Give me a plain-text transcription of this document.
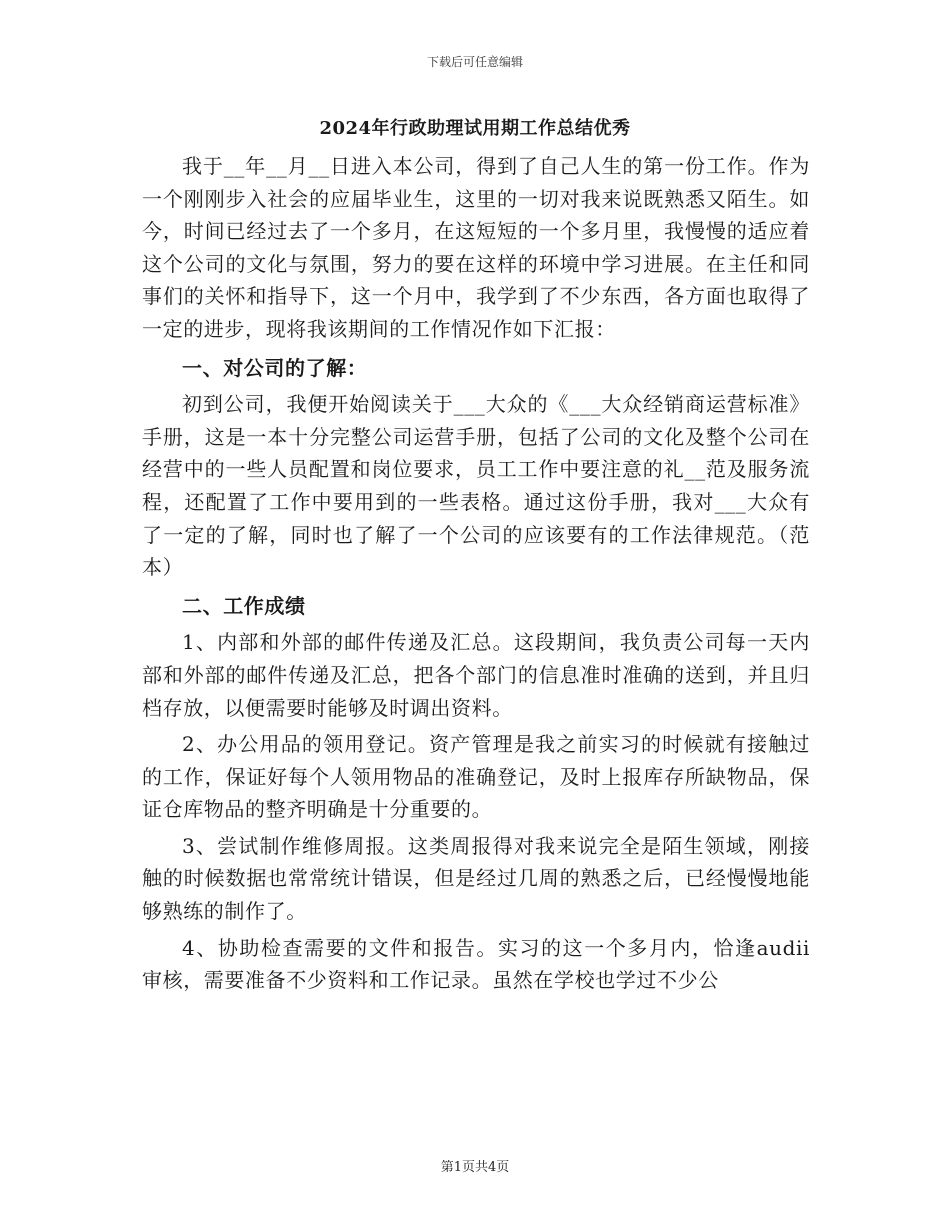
下载后可任意编辑
2024年行政助理试用期工作总结优秀

我于__年__月__日进入本公司，得到了自己人生的第一份工作。作为一个刚刚步入社会的应届毕业生，这里的一切对我来说既熟悉又陌生。如今，时间已经过去了一个多月，在这短短的一个多月里，我慢慢的适应着这个公司的文化与氛围，努力的要在这样的环境中学习进展。在主任和同事们的关怀和指导下，这一个月中，我学到了不少东西，各方面也取得了一定的进步，现将我该期间的工作情况作如下汇报：

一、对公司的了解：

初到公司，我便开始阅读关于___大众的《___大众经销商运营标准》手册，这是一本十分完整公司运营手册，包括了公司的文化及整个公司在经营中的一些人员配置和岗位要求，员工工作中要注意的礼__范及服务流程，还配置了工作中要用到的一些表格。通过这份手册，我对___大众有了一定的了解，同时也了解了一个公司的应该要有的工作法律规范。（范本）

二、工作成绩

1、内部和外部的邮件传递及汇总。这段期间，我负责公司每一天内部和外部的邮件传递及汇总，把各个部门的信息准时准确的送到，并且归档存放，以便需要时能够及时调出资料。

2、办公用品的领用登记。资产管理是我之前实习的时候就有接触过的工作，保证好每个人领用物品的准确登记，及时上报库存所缺物品，保证仓库物品的整齐明确是十分重要的。

3、尝试制作维修周报。这类周报得对我来说完全是陌生领域，刚接触的时候数据也常常统计错误，但是经过几周的熟悉之后，已经慢慢地能够熟练的制作了。

4、协助检查需要的文件和报告。实习的这一个多月内，恰逢audii 审核，需要准备不少资料和工作记录。虽然在学校也学过不少公

第1页共4页
